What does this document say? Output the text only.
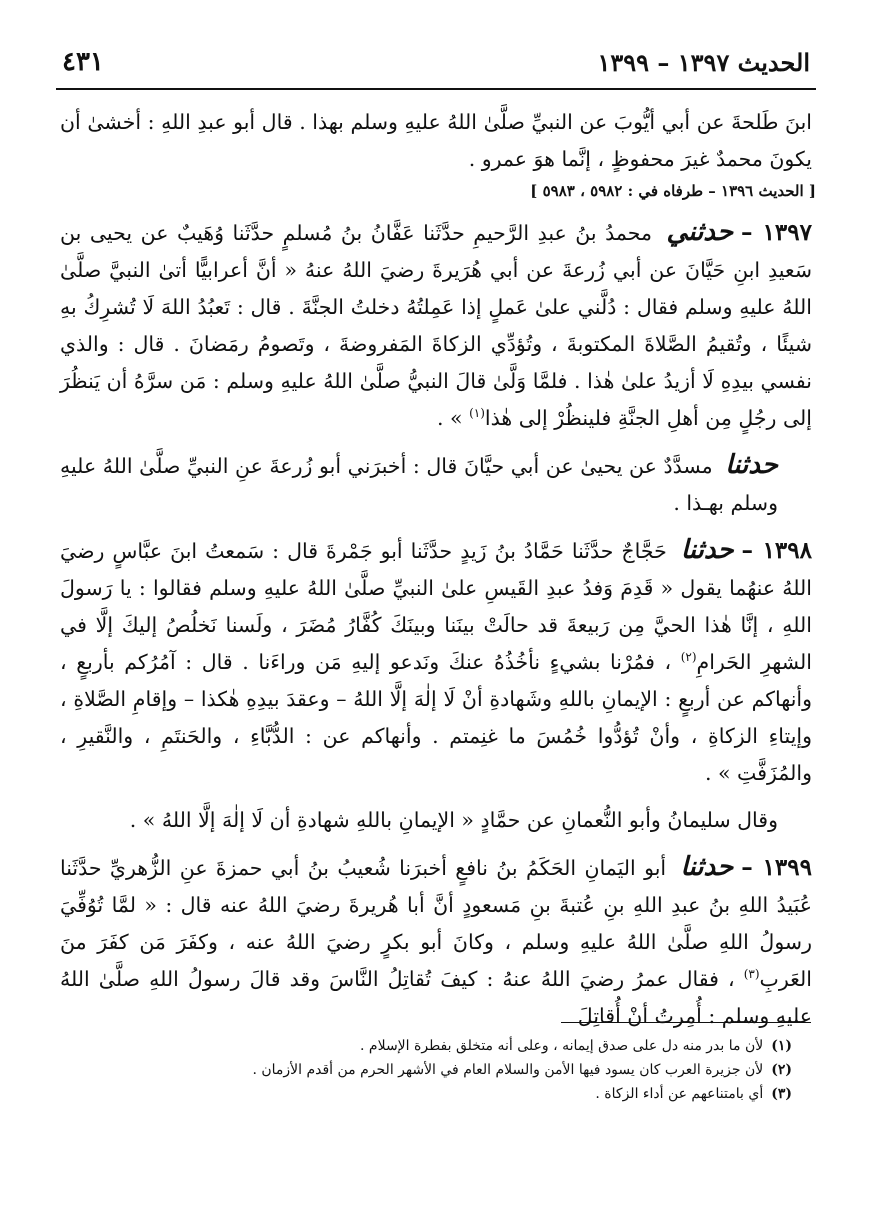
الحديث ١٣٩٧ – ١٣٩٩
٤٣١

ابنَ طَلحةَ عن أبي أيُّوبَ عن النبيِّ صلَّىٰ اللهُ عليهِ وسلم بهذا . قال أبو عبدِ اللهِ : أخشىٰ أن يكونَ محمدٌ غيرَ محفوظٍ ، إنَّما هوَ عمرو .

[ الحديث ١٣٩٦ – طرفاه في : ٥٩٨٢ ، ٥٩٨٣ ]

١٣٩٧ –حدثني محمدُ بنُ عبدِ الرَّحيمِ حدَّثَنا عَفَّانُ بنُ مُسلمٍ حدَّثَنا وُهَيبٌ عن يحيى بن سَعيدِ ابنِ حَيَّانَ عن أبي زُرعةَ عن أبي هُرَيرةَ رضيَ اللهُ عنهُ « أنَّ أعرابيًّا أتىٰ النبيَّ صلَّىٰ اللهُ عليهِ وسلم فقال : دُلَّني علىٰ عَملٍ إذا عَمِلتُهُ دخلتُ الجنَّةَ . قال : تَعبُدُ اللهَ لَا تُشرِكُ بهِ شيئًا ، وتُقيمُ الصَّلاةَ المكتوبةَ ، وتُؤدِّي الزكاةَ المَفروضةَ ، وتَصومُ رمَضانَ . قال : والذي نفسي بيدِهِ لَا أزيدُ علىٰ هٰذا . فلمَّا وَلَّىٰ قالَ النبيُّ صلَّىٰ اللهُ عليهِ وسلم : مَن سرَّهُ أن يَنظُرَ إلى رجُلٍ مِن أهلِ الجنَّةِ فلينظُرْ إلى هٰذا$^{(١)}$ » .

حدثنا مسدَّدٌ عن يحيىٰ عن أبي حيَّانَ قال : أخبرَني أبو زُرعةَ عنِ النبيِّ صلَّىٰ اللهُ عليهِ وسلم بهـذا .

١٣٩٨ –حدثنا حَجَّاجٌ حدَّثَنا حَمَّادُ بنُ زَيدٍ حدَّثَنا أبو جَمْرةَ قال : سَمعتُ ابنَ عبَّاسٍ رضيَ اللهُ عنهُما يقول « قَدِمَ وَفدُ عبدِ القَيسِ علىٰ النبيِّ صلَّىٰ اللهُ عليهِ وسلم فقالوا : يا رَسولَ اللهِ ، إنَّا هٰذا الحيَّ مِن رَبيعةَ قد حالَتْ بينَنا وبينَكَ كُفَّارُ مُضَرَ ، ولَسنا نَخلُصُ إليكَ إلَّا في الشهرِ الحَرامِ$^{(٢)}$ ، فمُرْنا بشيءٍ نأخُذُهُ عنكَ ونَدعو إليهِ مَن وراءَنا . قال : آمُرُكم بأربعٍ ، وأنهاكم عن أربعٍ : الإيمانِ باللهِ وشَهادةِ أنْ لَا إلٰهَ إلَّا اللهُ – وعقدَ بيدِهِ هٰكذا – وإقامِ الصَّلاةِ ، وإيتاءِ الزكاةِ ، وأنْ تُؤدُّوا خُمُسَ ما غنِمتم . وأنهاكم عن : الدُّبَّاءِ ، والحَنتَمِ ، والنَّقيرِ ، والمُزَفَّتِ » .

وقال سليمانُ وأبو النُّعمانِ عن حمَّادٍ « الإيمانِ باللهِ شهادةِ أن لَا إلٰهَ إلَّا اللهُ » .

١٣٩٩ –حدثنا أبو اليَمانِ الحَكَمُ بنُ نافعٍ أخبرَنا شُعيبُ بنُ أبي حمزةَ عنِ الزُّهريِّ حدَّثَنا عُبَيدُ اللهِ بنُ عبدِ اللهِ بنِ عُتبةَ بنِ مَسعودٍ أنَّ أبا هُريرةَ رضيَ اللهُ عنه قال : « لمَّا تُوُفِّيَ رسولُ اللهِ صلَّىٰ اللهُ عليهِ وسلم ، وكانَ أبو بكرٍ رضيَ اللهُ عنه ، وكفَرَ مَن كفَرَ منَ العَربِ$^{(٣)}$ ، فقال عمرُ رضيَ اللهُ عنهُ : كيفَ تُقاتِلُ النَّاسَ وقد قالَ رسولُ اللهِ صلَّىٰ اللهُ عليهِ وسلم : أُمِرتُ أنْ أُقاتِلَ

(١)لأن ما بدر منه دل على صدق إيمانه ، وعلى أنه متخلق بفطرة الإسلام .

(٢)لأن جزيرة العرب كان يسود فيها الأمن والسلام العام في الأشهر الحرم من أقدم الأزمان .

(٣)أي بامتناعهم عن أداء الزكاة .
